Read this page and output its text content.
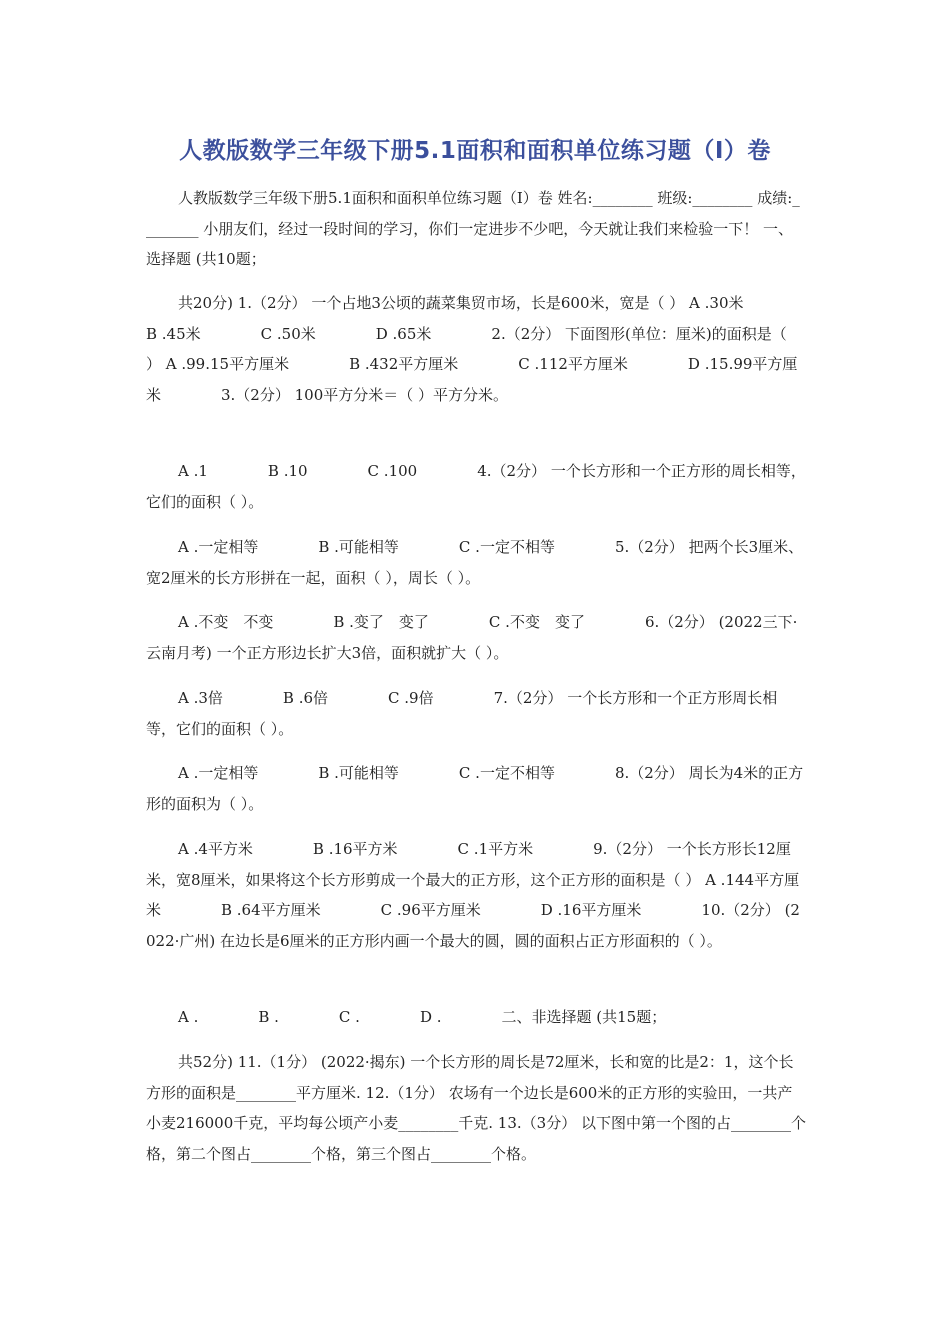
人教版数学三年级下册5.1面积和面积单位练习题（I）卷
人教版数学三年级下册5.1面积和面积单位练习题（I）卷 姓名:________ 班级:________ 成绩:________ 小朋友们，经过一段时间的学习，你们一定进步不少吧，今天就让我们来检验一下！ 一、选择题 (共10题；
共20分) 1.（2分） 一个占地3公顷的蔬菜集贸市场，长是600米，宽是（ ） A .30米　　　　B .45米　　　　C .50米　　　　D .65米　　　　2.（2分） 下面图形(单位：厘米)的面积是（ ） A .99.15平方厘米　　　　B .432平方厘米　　　　C .112平方厘米　　　　D .15.99平方厘米　　　　3.（2分） 100平方分米＝（ ）平方分米。
A .1　　　　B .10　　　　C .100　　　　4.（2分） 一个长方形和一个正方形的周长相等，它们的面积（ ）。
A .一定相等　　　　B .可能相等　　　　C .一定不相等　　　　5.（2分） 把两个长3厘米、宽2厘米的长方形拼在一起，面积（ ），周长（ ）。
A .不变　不变　　　　B .变了　变了　　　　C .不变　变了　　　　6.（2分） (2022三下·云南月考) 一个正方形边长扩大3倍，面积就扩大（ ）。
A .3倍　　　　B .6倍　　　　C .9倍　　　　7.（2分） 一个长方形和一个正方形周长相等，它们的面积（ ）。
A .一定相等　　　　B .可能相等　　　　C .一定不相等　　　　8.（2分） 周长为4米的正方形的面积为（ ）。
A .4平方米　　　　B .16平方米　　　　C .1平方米　　　　9.（2分） 一个长方形长12厘米，宽8厘米，如果将这个长方形剪成一个最大的正方形，这个正方形的面积是（ ） A .144平方厘米　　　　B .64平方厘米　　　　C .96平方厘米　　　　D .16平方厘米　　　　10.（2分） (2022·广州) 在边长是6厘米的正方形内画一个最大的圆，圆的面积占正方形面积的（ ）。
A .　　　　B .　　　　C .　　　　D .　　　　二、非选择题 (共15题；
共52分) 11.（1分） (2022·揭东) 一个长方形的周长是72厘米，长和宽的比是2：1，这个长方形的面积是________平方厘米. 12.（1分） 农场有一个边长是600米的正方形的实验田，一共产小麦216000千克，平均每公顷产小麦________千克. 13.（3分） 以下图中第一个图的占________个格，第二个图占________个格，第三个图占________个格。
